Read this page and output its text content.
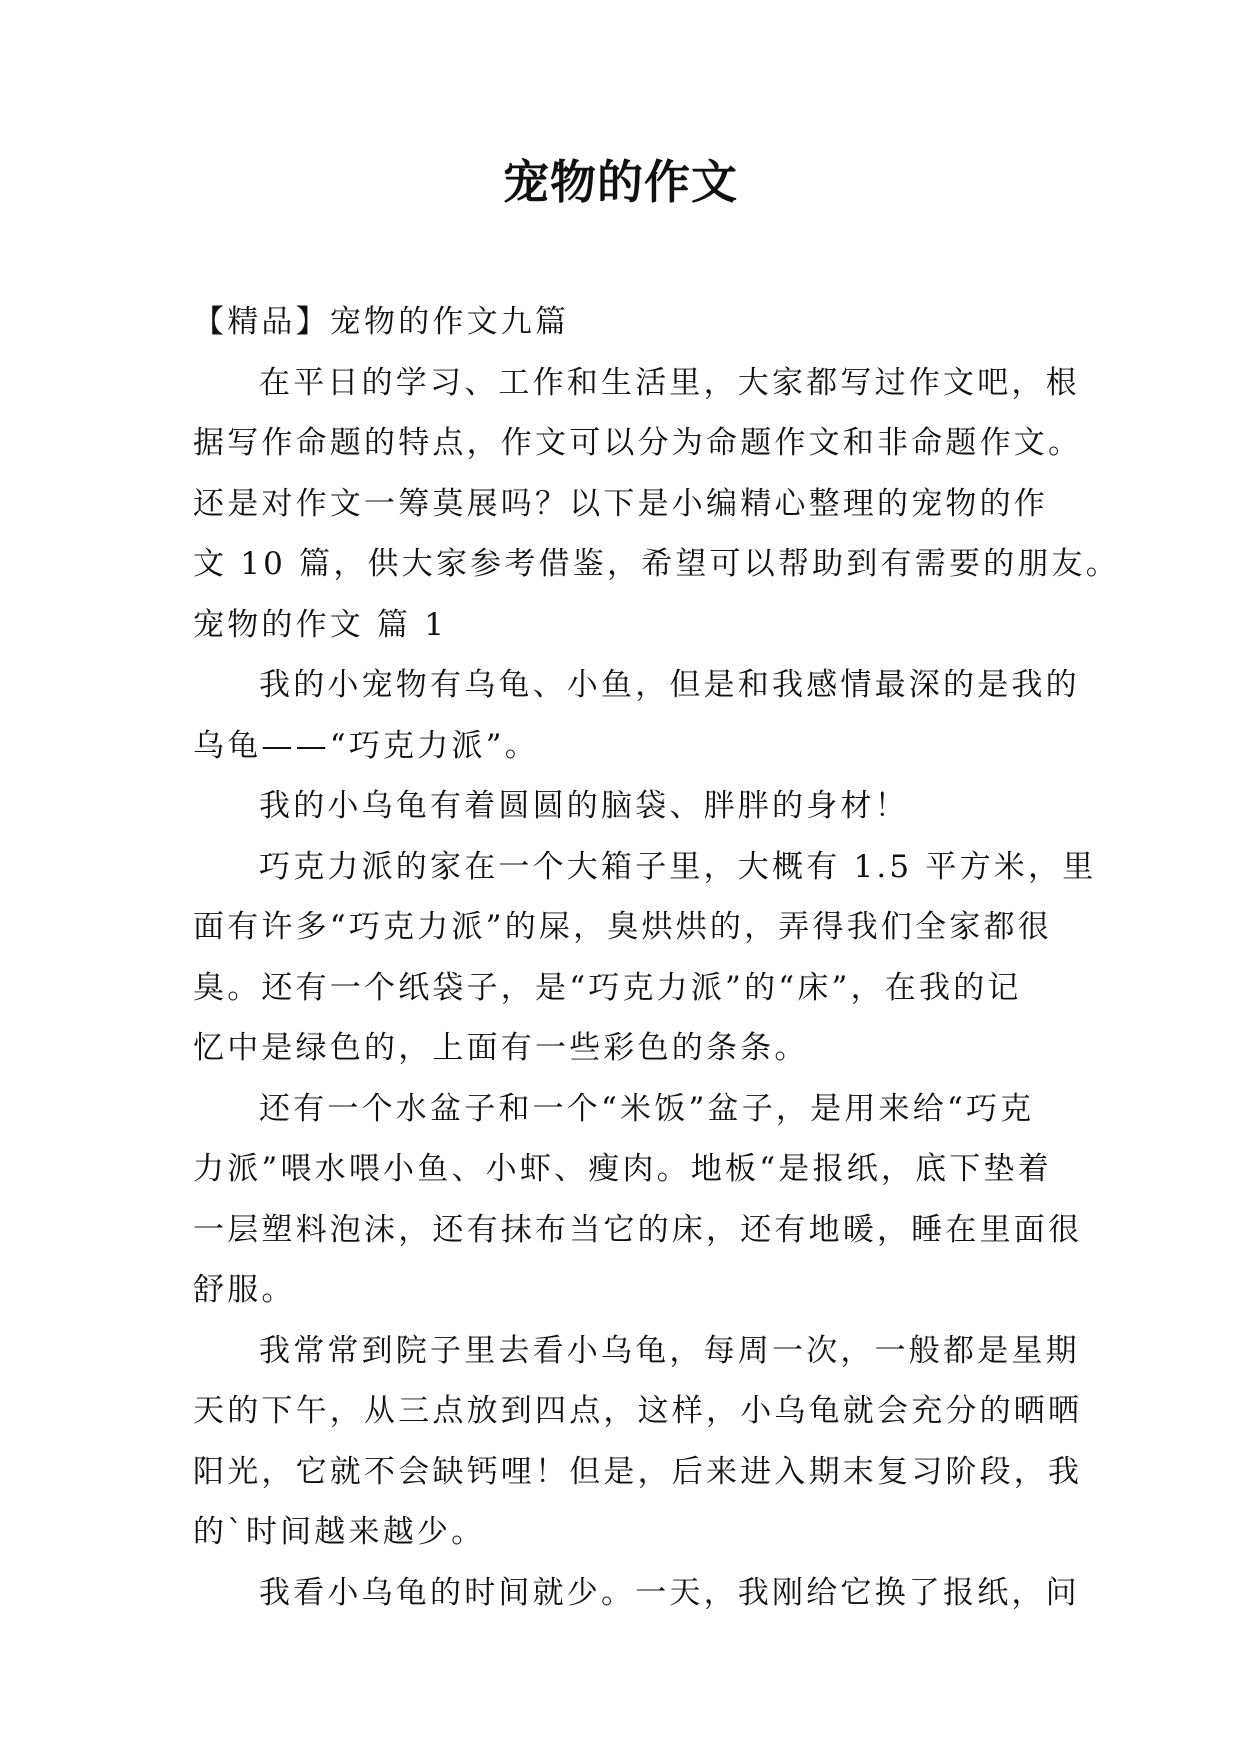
宠物的作文
【精品】宠物的作文九篇
在平日的学习、工作和生活里，大家都写过作文吧，根
据写作命题的特点，作文可以分为命题作文和非命题作文。
还是对作文一筹莫展吗？以下是小编精心整理的宠物的作
文 10 篇，供大家参考借鉴，希望可以帮助到有需要的朋友。
宠物的作文 篇 1
我的小宠物有乌龟、小鱼，但是和我感情最深的是我的
乌龟——“巧克力派”。
我的小乌龟有着圆圆的脑袋、胖胖的身材！
巧克力派的家在一个大箱子里，大概有 1.5 平方米，里
面有许多“巧克力派”的屎，臭烘烘的，弄得我们全家都很
臭。还有一个纸袋子，是“巧克力派”的“床”，在我的记
忆中是绿色的，上面有一些彩色的条条。
还有一个水盆子和一个“米饭”盆子，是用来给“巧克
力派”喂水喂小鱼、小虾、瘦肉。地板“是报纸，底下垫着
一层塑料泡沫，还有抹布当它的床，还有地暖，睡在里面很
舒服。
我常常到院子里去看小乌龟，每周一次，一般都是星期
天的下午，从三点放到四点，这样，小乌龟就会充分的晒晒
阳光，它就不会缺钙哩！但是，后来进入期末复习阶段，我
的`时间越来越少。
我看小乌龟的时间就少。一天，我刚给它换了报纸，问
